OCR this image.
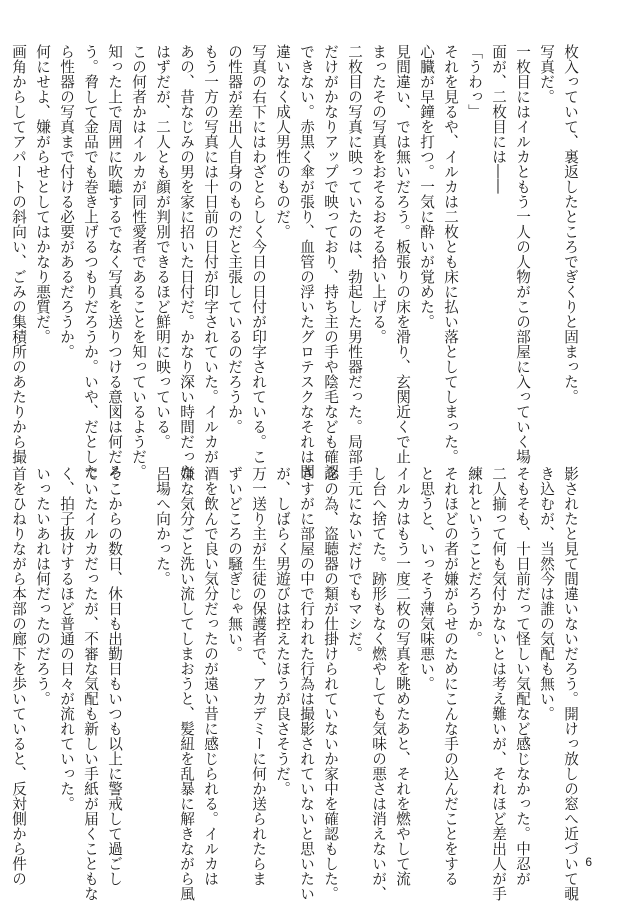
枚入っていて、裏返したところでぎくりと固まった。

写真だ。

一枚目にはイルカともう一人の人物がこの部屋に入っていく場

面が、二枚目には――

「うわっ」

それを見るや、イルカは二枚とも床に払い落としてしまった。

心臓が早鐘を打つ。一気に酔いが覚めた。

見間違い、では無いだろう。板張りの床を滑り、玄関近くで止

まったその写真をおそるおそる拾い上げる。

二枚目の写真に映っていたのは、勃起した男性器だった。局部

だけがかなりアップで映っており、持ち主の手や陰毛なども確認

できない。赤黒く傘が張り、血管の浮いたグロテスクなそれは間

違いなく成人男性のものだ。

写真の右下にはわざとらしく今日の日付が印字されている。こ

の性器が差出人自身のものだと主張しているのだろうか。

もう一方の写真には十日前の日付が印字されていた。イルカが

あの、昔なじみの男を家に招いた日付だ。かなり深い時間だった

はずだが、二人とも顔が判別できるほど鮮明に映っている。

この何者かはイルカが同性愛者であることを知っているようだ。

知った上で周囲に吹聴するでなく写真を送りつける意図は何だろ

う。脅して金品でも巻き上げるつもりだろうか。いや、だとした

ら性器の写真まで付ける必要があるだろうか。

何にせよ、嫌がらせとしてはかなり悪質だ。

画角からしてアパートの斜向い、ごみの集積所のあたりから撮

影されたと見て間違いないだろう。開けっ放しの窓へ近づいて覗

き込むが、当然今は誰の気配も無い。

そもそも、十日前だって怪しい気配など感じなかった。中忍が

二人揃って何も気付かないとは考え難いが、それほど差出人が手

練れということだろうか。

それほどの者が嫌がらせのためにこんな手の込んだことをする

と思うと、いっそう薄気味悪い。

イルカはもう一度二枚の写真を眺めたあと、それを燃やして流

し台へ捨てた。跡形もなく燃やしても気味の悪さは消えないが、

手元にないだけでもマシだ。

念の為、盗聴器の類が仕掛けられていないか家中を確認もした。

さすがに部屋の中で行われた行為は撮影されていないと思いたい

が、しばらく男遊びは控えたほうが良さそうだ。

万一送り主が生徒の保護者で、アカデミーに何か送られたらま

ずいどころの騒ぎじゃ無い。

酒を飲んで良い気分だったのが遠い昔に感じられる。イルカは

嫌な気分ごと洗い流してしまおうと、髪紐を乱暴に解きながら風

呂場へ向かった。

そこからの数日、休日も出勤日もいつも以上に警戒して過ごし

ていたイルカだったが、不審な気配も新しい手紙が届くこともな

く、拍子抜けするほど普通の日々が流れていった。

いったいあれは何だったのだろう。

首をひねりながら本部の廊下を歩いていると、反対側から件の	6
